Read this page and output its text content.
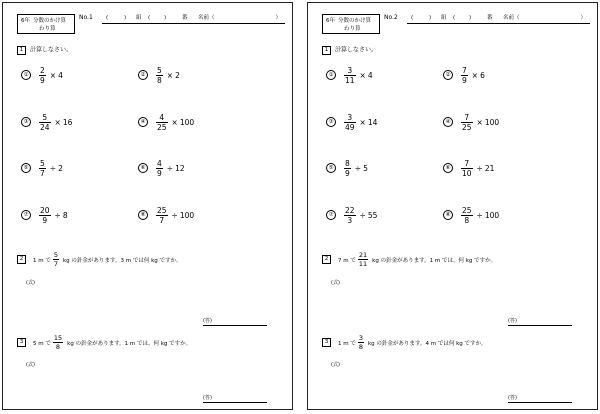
6年 分数のかけ算
わり算
No.1 (	) 組 (	)	番 名前（	）
1 計算しなさい。
①	$\frac{2}{9} \times 4$	②	$\frac{5}{8} \times 2$
③	$\frac{5}{24} \times 16$	④	$\frac{4}{25} \times 100$
⑤	$\frac{5}{7} \div 2$	⑥	$\frac{4}{9} \div 12$
⑦	$\frac{20}{9} \div 8$	⑧	$\frac{25}{7} \div 100$
2	1 m で $\frac{5}{7}$ kg の針金があります。3 m では何 kg ですか。
(式)
(答)
3	5 m で $\frac{15}{8}$ kg の針金があります。1 m では、何 kg ですか。
(式)
(答)
6年 分数のかけ算
わり算
No.2 (	) 組 (	)	番 名前（	）
1 計算しなさい。
①	$\frac{3}{11} \times 4$	②	$\frac{7}{9} \times 6$
③	$\frac{3}{49} \times 14$	④	$\frac{7}{25} \times 100$
⑤	$\frac{8}{9} \div 5$	⑥	$\frac{7}{10} \div 21$
⑦	$\frac{22}{3} \div 55$	⑧	$\frac{25}{8} \div 100$
2	7 m で $\frac{21}{11}$ kg の針金があります。1 m では、何 kg ですか。
(式)
(答)
3	1 m で $\frac{3}{8}$ kg の針金があります。4 m では何 kg ですか。
(式)
(答)
